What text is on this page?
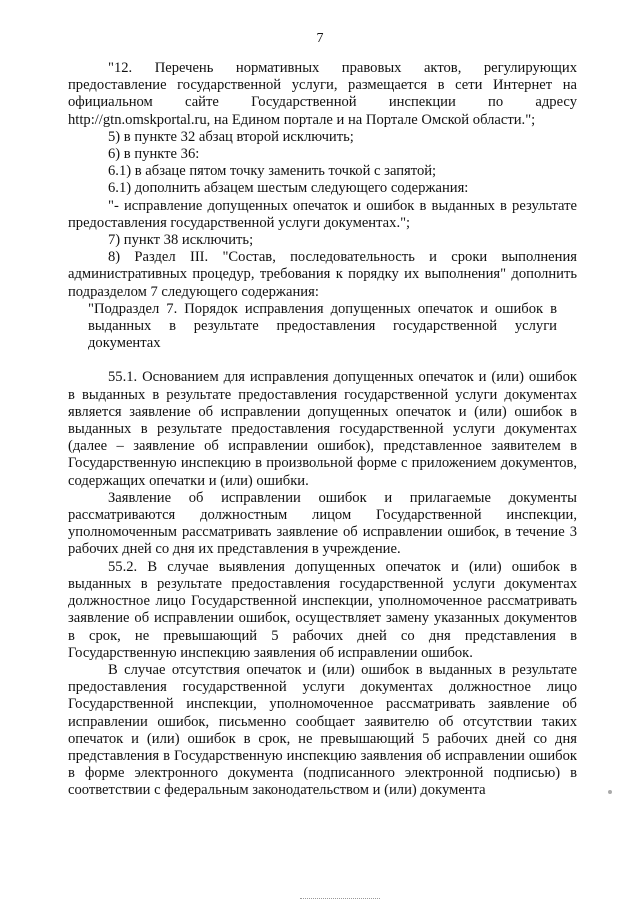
7

"12. Перечень нормативных правовых актов, регулирующих предоставление государственной услуги, размещается в сети Интернет на официальном сайте Государственной инспекции по адресу http://gtn.omskportal.ru, на Едином портале и на Портале Омской области.";

5) в пункте 32 абзац второй исключить;

6) в пункте 36:

6.1) в абзаце пятом точку заменить точкой с запятой;

6.1) дополнить абзацем шестым следующего содержания:

"- исправление допущенных опечаток и ошибок в выданных в результате предоставления государственной услуги документах.";

7) пункт 38 исключить;

8) Раздел III. "Состав, последовательность и сроки выполнения административных процедур, требования к порядку их выполнения" дополнить подразделом 7 следующего содержания:

"Подраздел 7. Порядок исправления допущенных опечаток и ошибок в выданных в результате предоставления государственной услуги документах

55.1. Основанием для исправления допущенных опечаток и (или) ошибок в выданных в результате предоставления государственной услуги документах является заявление об исправлении допущенных опечаток и (или) ошибок в выданных в результате предоставления государственной услуги документах (далее – заявление об исправлении ошибок), представленное заявителем в Государственную инспекцию в произвольной форме с приложением документов, содержащих опечатки и (или) ошибки.

Заявление об исправлении ошибок и прилагаемые документы рассматриваются должностным лицом Государственной инспекции, уполномоченным рассматривать заявление об исправлении ошибок, в течение 3 рабочих дней со дня их представления в учреждение.

55.2. В случае выявления допущенных опечаток и (или) ошибок в выданных в результате предоставления государственной услуги документах должностное лицо Государственной инспекции, уполномоченное рассматривать заявление об исправлении ошибок, осуществляет замену указанных документов в срок, не превышающий 5 рабочих дней со дня представления в Государственную инспекцию заявления об исправлении ошибок.

В случае отсутствия опечаток и (или) ошибок в выданных в результате предоставления государственной услуги документах должностное лицо Государственной инспекции, уполномоченное рассматривать заявление об исправлении ошибок, письменно сообщает заявителю об отсутствии таких опечаток и (или) ошибок в срок, не превышающий 5 рабочих дней со дня представления в Государственную инспекцию заявления об исправлении ошибок в форме электронного документа (подписанного электронной подписью) в соответствии с федеральным законодательством и (или) документа
